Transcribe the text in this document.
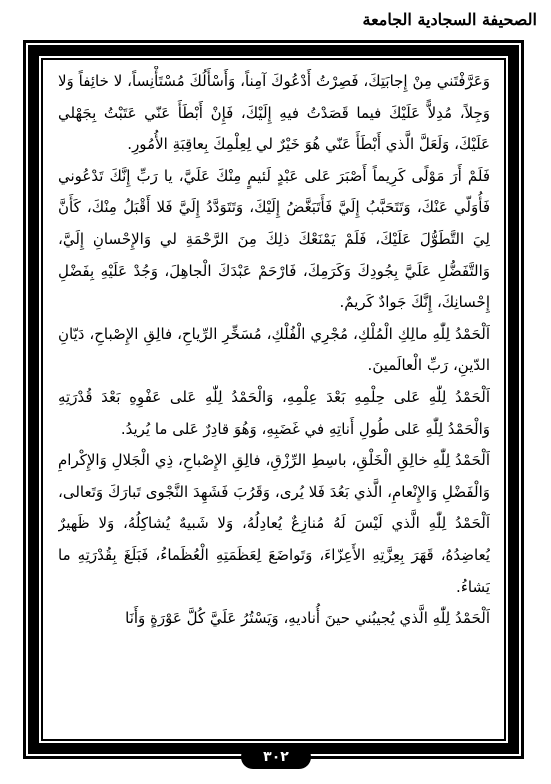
الصحيفة السجادية الجامعة

وَعَرَّفْتَني مِنْ إِجابَتِكَ، فَصِرْتُ أَدْعُوكَ آمِناً، وَأَسْأَلُكَ مُسْتَأْنِساً، لا خائِفاً وَلا وَجِلاً، مُدِلاًّ عَلَيْكَ فيما قَصَدْتُ فيهِ إِلَيْكَ، فَإِنْ أَبْطَأَ عَنّي عَتَبْتُ بِجَهْلي عَلَيْكَ، وَلَعَلَّ الَّذي أَبْطَأَ عَنّي هُوَ خَيْرٌ لي لِعِلْمِكَ بِعاقِبَةِ الأُمُورِ.

فَلَمْ أَرَ مَوْلًى كَرِيماً أَصْبَرَ عَلى عَبْدٍ لَئيمٍ مِنْكَ عَلَيَّ، يا رَبِّ إِنَّكَ تَدْعُوني فَأُوَلّي عَنْكَ، وَتَتَحَبَّبُ إِلَيَّ فَأَتَبَغَّضُ إِلَيْكَ، وَتَتَوَدَّدُ إِلَيَّ فَلا أَقْبَلُ مِنْكَ، كَأَنَّ لِيَ التَّطَوُّلَ عَلَيْكَ، فَلَمْ يَمْنَعْكَ ذلِكَ مِنَ الرَّحْمَةِ لي وَالإِحْسانِ إِلَيَّ، وَالتَّفَضُّلِ عَلَيَّ بِجُودِكَ وَكَرَمِكَ، فَارْحَمْ عَبْدَكَ الْجاهِلَ، وَجُدْ عَلَيْهِ بِفَضْلِ إِحْسانِكَ، إِنَّكَ جَوادٌ كَريمٌ.

اَلْحَمْدُ لِلّٰهِ مالِكِ الْمُلْكِ، مُجْرِي الْفُلْكِ، مُسَخِّرِ الرِّياحِ، فالِقِ الإِصْباحِ، دَيّانِ الدّينِ، رَبِّ الْعالَمينَ.

اَلْحَمْدُ لِلّٰهِ عَلى حِلْمِهِ بَعْدَ عِلْمِهِ، وَالْحَمْدُ لِلّٰهِ عَلى عَفْوِهِ بَعْدَ قُدْرَتِهِ وَالْحَمْدُ لِلّٰهِ عَلى طُولِ أَناتِهِ في غَضَبِهِ، وَهُوَ قادِرٌ عَلى ما يُريدُ.

اَلْحَمْدُ لِلّٰهِ خالِقِ الْخَلْقِ، باسِطِ الرِّزْقِ، فالِقِ الإِصْباحِ، ذِي الْجَلالِ وَالإِكْرامِ وَالْفَضْلِ وَالإِنْعامِ، الَّذي بَعُدَ فَلا يُرى، وَقَرُبَ فَشَهِدَ النَّجْوى تَبارَكَ وَتَعالى، اَلْحَمْدُ لِلّٰهِ الَّذي لَيْسَ لَهُ مُنازِعٌ يُعادِلُهُ، وَلا شَبيهٌ يُشاكِلُهُ، وَلا ظَهيرٌ يُعاضِدُهُ، قَهَرَ بِعِزَّتِهِ الأَعِزّاءَ، وَتَواضَعَ لِعَظَمَتِهِ الْعُظَماءُ، فَبَلَغَ بِقُدْرَتِهِ ما يَشاءُ.

اَلْحَمْدُ لِلّٰهِ الَّذي يُجيبُني حينَ أُناديهِ، وَيَسْتُرُ عَلَيَّ كُلَّ عَوْرَةٍ وَأَنَا

٣٠٢
